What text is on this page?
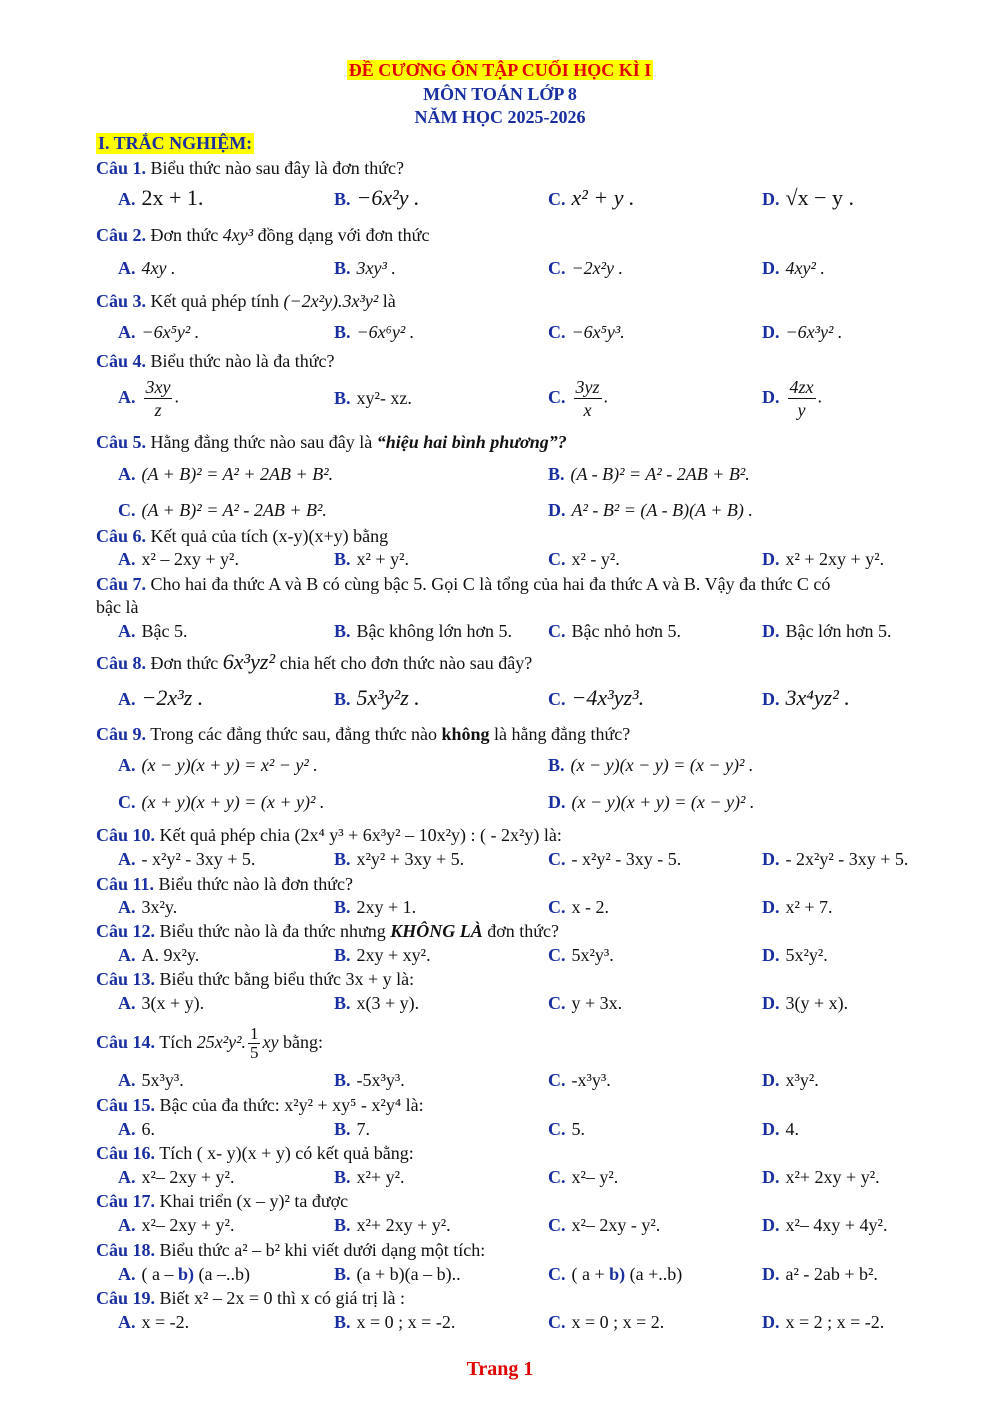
ĐỀ CƯƠNG ÔN TẬP CUỐI HỌC KÌ I
MÔN TOÁN LỚP 8
NĂM HỌC 2025-2026
I. TRẮC NGHIỆM:
Câu 1. Biểu thức nào sau đây là đơn thức?
A. 2x + 1.	B. −6x²y .	C. x² + y .	D. √x − y .
Câu 2. Đơn thức 4xy³ đồng dạng với đơn thức
A. 4xy .	B. 3xy³ .	C. −2x²y .	D. 4xy² .
Câu 3. Kết quả phép tính (−2x²y).3x³y² là
A. −6x⁵y² .	B. −6x⁶y² .	C. −6x⁵y³.	D. −6x³y² .
Câu 4. Biểu thức nào là đa thức?
A. $\frac{3xy}{z}$ .	B. xy²- xz.	C. $\frac{3yz}{x}$ .	D. $\frac{4zx}{y}$ .
Câu 5. Hằng đẳng thức nào sau đây là “hiệu hai bình phương”?
A. (A + B)² = A² + 2AB + B².	B. (A - B)² = A² - 2AB + B².
C. (A + B)² = A² - 2AB + B².	D. A² - B² = (A - B)(A + B) .
Câu 6. Kết quả của tích (x-y)(x+y) bằng
A. x² – 2xy + y².	B. x² + y².	C. x² - y².	D. x² + 2xy + y².
Câu 7. Cho hai đa thức A và B có cùng bậc 5. Gọi C là tổng của hai đa thức A và B. Vậy đa thức C có
bậc là
A. Bậc 5.	B. Bậc không lớn hơn 5. C. Bậc nhỏ hơn 5.	D. Bậc lớn hơn 5.
Câu 8. Đơn thức 6x³yz² chia hết cho đơn thức nào sau đây?
A. −2x³z .	B. 5x³y²z .	C. −4x³yz³.	D. 3x⁴yz² .
Câu 9. Trong các đẳng thức sau, đẳng thức nào không là hằng đẳng thức?
A. (x − y)(x + y) = x² − y² .	B. (x − y)(x − y) = (x − y)² .
C. (x + y)(x + y) = (x + y)² .	D. (x − y)(x + y) = (x − y)² .
Câu 10. Kết quả phép chia (2x⁴ y³ + 6x³y² – 10x²y) : ( - 2x²y) là:
A. - x²y² - 3xy + 5.	B. x²y² + 3xy + 5.	C. - x²y² - 3xy - 5.	D. - 2x²y² - 3xy + 5.
Câu 11. Biểu thức nào là đơn thức?
A. 3x²y.	B. 2xy + 1.	C. x - 2.	D. x² + 7.
Câu 12. Biểu thức nào là đa thức nhưng KHÔNG LÀ đơn thức?
A. A. 9x²y.	B. 2xy + xy².	C. 5x²y³.	D. 5x²y².
Câu 13. Biểu thức bằng biểu thức 3x + y là:
A. 3(x + y).	B. x(3 + y).	C. y + 3x.	D. 3(y + x).
Câu 14. Tích 25x²y². $\frac{1}{5}$ xy bằng:
A. 5x³y³.	B. -5x³y³.	C. -x³y³.	D. x³y².
Câu 15. Bậc của đa thức: x²y² + xy⁵ - x²y⁴ là:
A. 6.	B. 7.	C. 5.	D. 4.
Câu 16. Tích ( x- y)(x + y) có kết quả bằng:
A. x²– 2xy + y².	B. x²+ y².	C. x²– y².	D. x²+ 2xy + y².
Câu 17. Khai triển (x – y)² ta được
A. x²– 2xy + y².	B. x²+ 2xy + y².	C. x²– 2xy - y².	D. x²– 4xy + 4y².
Câu 18. Biểu thức a² – b² khi viết dưới dạng một tích:
A. ( a – b) (a –..b)	B. (a + b)(a – b)..	C. ( a + b) (a +..b)	D. a² - 2ab + b².
Câu 19. Biết x² – 2x = 0 thì x có giá trị là :
A. x = -2.	B. x = 0 ; x = -2.	C. x = 0 ; x = 2.	D. x = 2 ; x = -2.
Trang 1
